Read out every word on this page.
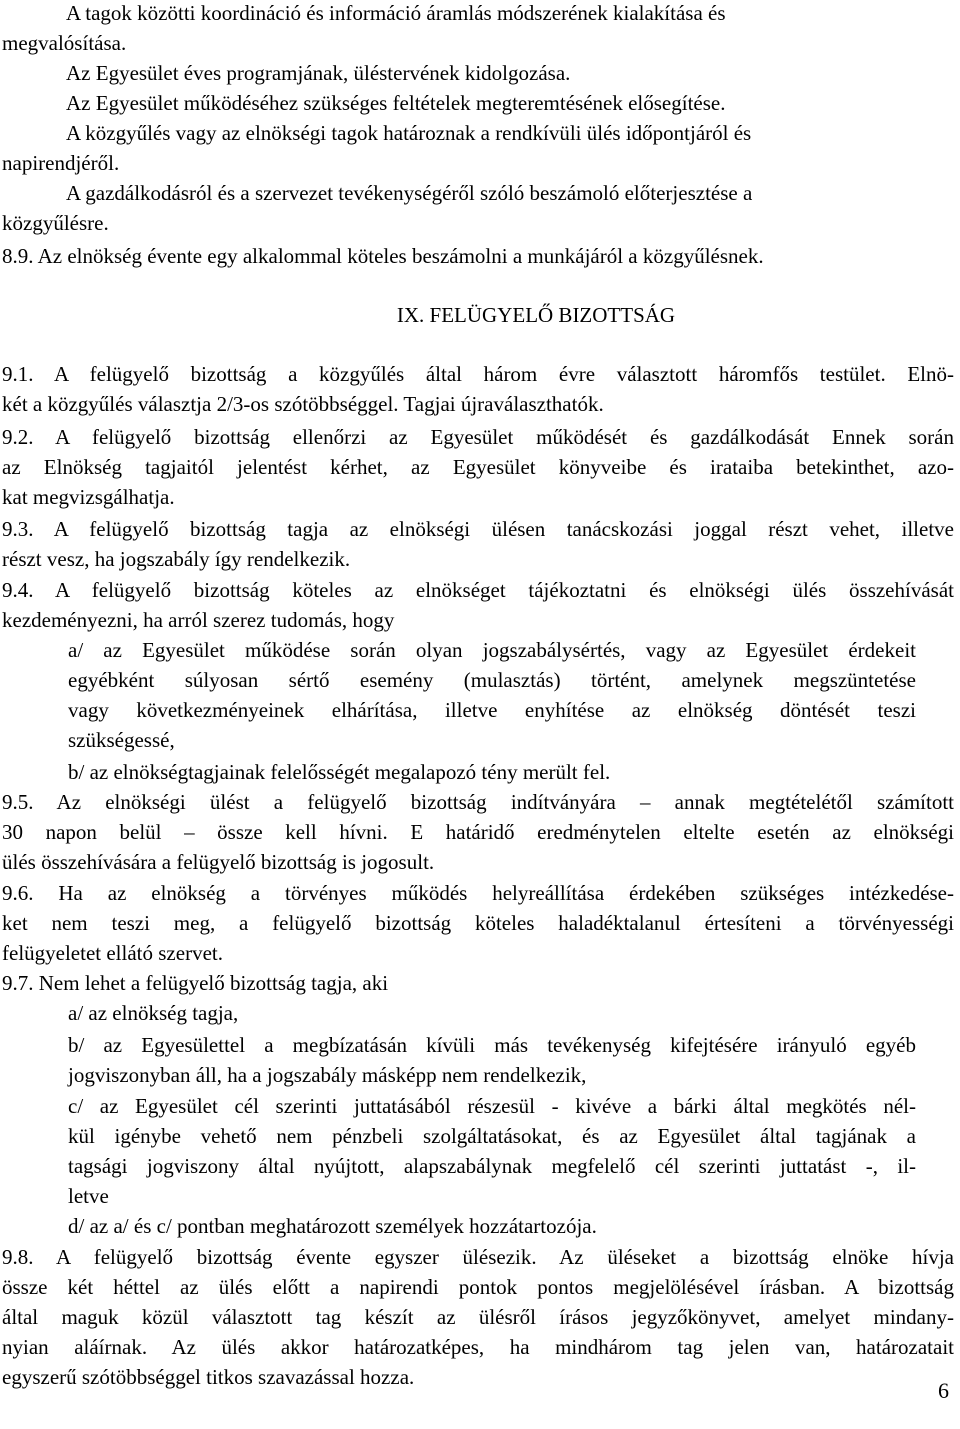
A tagok közötti koordináció és információ áramlás módszerének kialakítása és
megvalósítása.
Az Egyesület éves programjának, üléstervének kidolgozása.
Az Egyesület működéséhez szükséges feltételek megteremtésének elősegítése.
A közgyűlés vagy az elnökségi tagok határoznak a rendkívüli ülés időpontjáról és
napirendjéről.
A gazdálkodásról és a szervezet tevékenységéről szóló beszámoló előterjesztése a
közgyűlésre.
8.9. Az elnökség évente egy alkalommal köteles beszámolni a munkájáról a közgyűlésnek.
IX. FELÜGYELŐ BIZOTTSÁG
9.1. A felügyelő bizottság a közgyűlés által három évre választott háromfős testület. Elnö-
két a közgyűlés választja 2/3-os szótöbbséggel. Tagjai újraválaszthatók.
9.2. A felügyelő bizottság ellenőrzi az Egyesület működését és gazdálkodását Ennek során
az Elnökség tagjaitól jelentést kérhet, az Egyesület könyveibe és irataiba betekinthet, azo-
kat megvizsgálhatja.
9.3. A felügyelő bizottság tagja az elnökségi ülésen tanácskozási joggal részt vehet, illetve
részt vesz, ha jogszabály így rendelkezik.
9.4. A felügyelő bizottság köteles az elnökséget tájékoztatni és elnökségi ülés összehívását
kezdeményezni, ha arról szerez tudomás, hogy
a/ az Egyesület működése során olyan jogszabálysértés, vagy az Egyesület érdekeit
egyébként súlyosan sértő esemény (mulasztás) történt, amelynek megszüntetése
vagy következményeinek elhárítása, illetve enyhítése az elnökség döntését teszi
szükségessé,
b/ az elnökségtagjainak felelősségét megalapozó tény merült fel.
9.5. Az elnökségi ülést a felügyelő bizottság indítványára – annak megtételétől számított
30 napon belül – össze kell hívni. E határidő eredménytelen eltelte esetén az elnökségi
ülés összehívására a felügyelő bizottság is jogosult.
9.6. Ha az elnökség a törvényes működés helyreállítása érdekében szükséges intézkedése-
ket nem teszi meg, a felügyelő bizottság köteles haladéktalanul értesíteni a törvényességi
felügyeletet ellátó szervet.
9.7. Nem lehet a felügyelő bizottság tagja, aki
a/ az elnökség tagja,
b/ az Egyesülettel a megbízatásán kívüli más tevékenység kifejtésére irányuló egyéb
jogviszonyban áll, ha a jogszabály másképp nem rendelkezik,
c/ az Egyesület cél szerinti juttatásából részesül - kivéve a bárki által megkötés nél-
kül igénybe vehető nem pénzbeli szolgáltatásokat, és az Egyesület által tagjának a
tagsági jogviszony által nyújtott, alapszabálynak megfelelő cél szerinti juttatást -, il-
letve
d/ az a/ és c/ pontban meghatározott személyek hozzátartozója.
9.8. A felügyelő bizottság évente egyszer ülésezik. Az üléseket a bizottság elnöke hívja
össze két héttel az ülés előtt a napirendi pontok pontos megjelölésével írásban. A bizottság
által maguk közül választott tag készít az ülésről írásos jegyzőkönyvet, amelyet mindany-
nyian aláírnak. Az ülés akkor határozatképes, ha mindhárom tag jelen van, határozatait
egyszerű szótöbbséggel titkos szavazással hozza.
6
